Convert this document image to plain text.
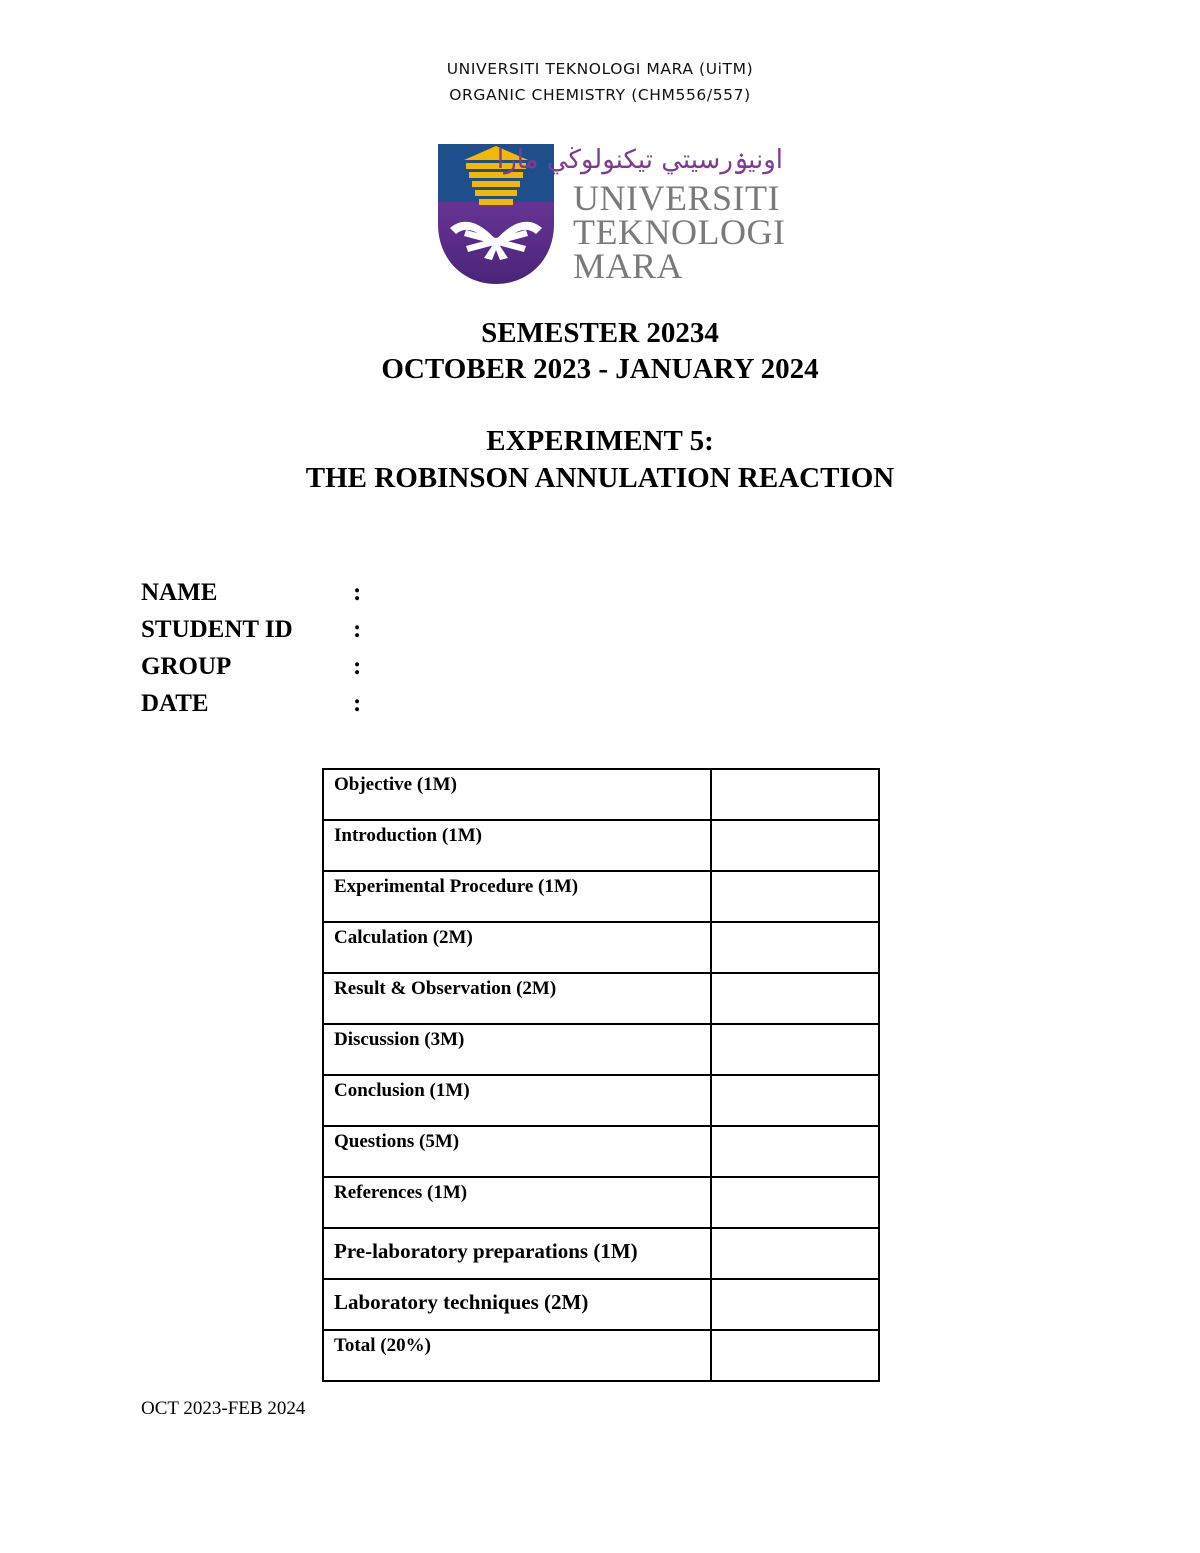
UNIVERSITI TEKNOLOGI MARA (UiTM)
ORGANIC CHEMISTRY (CHM556/557)
اونيۏرسيتي تيكنولوڬي مارا
UNIVERSITI
TEKNOLOGI
MARA
SEMESTER 20234
OCTOBER 2023 - JANUARY 2024
EXPERIMENT 5:
THE ROBINSON ANNULATION REACTION
NAME	:
STUDENT ID :
GROUP	:
DATE	:
Objective (1M)	
Introduction (1M)	
Experimental Procedure (1M)	
Calculation (2M)	
Result & Observation (2M)	
Discussion (3M)	
Conclusion (1M)	
Questions (5M)	
References (1M)	
Pre-laboratory preparations (1M)	
Laboratory techniques (2M)	
Total (20%)	
OCT 2023-FEB 2024
